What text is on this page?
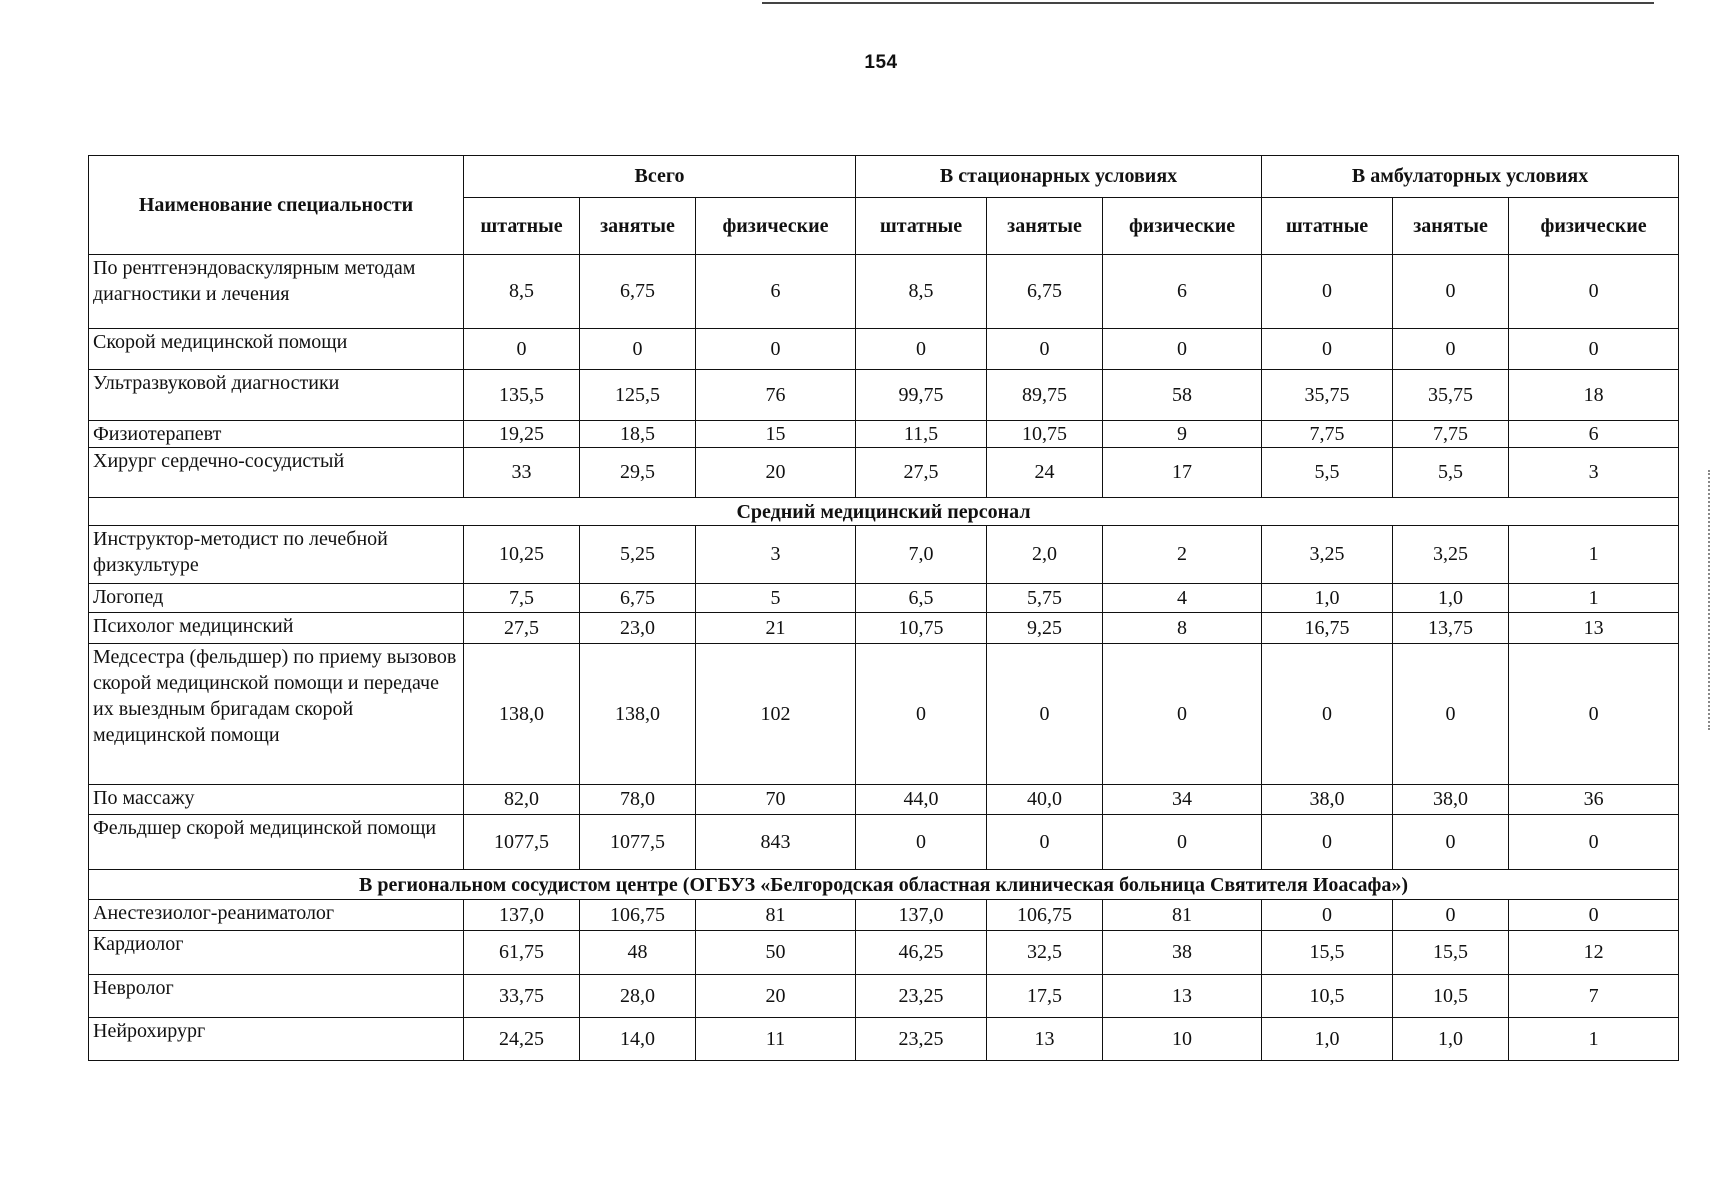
154
Наименование специальности	Всего			В стационарных условиях			В амбулаторных условиях		
	штатные	занятые	физические	штатные	занятые	физические	штатные	занятые	физические
По рентгенэндоваскулярным методам диагностики и лечения	8,5	6,75	6	8,5	6,75	6	0	0	0
Скорой медицинской помощи	0	0	0	0	0	0	0	0	0
Ультразвуковой диагностики	135,5	125,5	76	99,75	89,75	58	35,75	35,75	18
Физиотерапевт	19,25	18,5	15	11,5	10,75	9	7,75	7,75	6
Хирург сердечно-сосудистый	33	29,5	20	27,5	24	17	5,5	5,5	3
Средний медицинский персонал									
Инструктор-методист по лечебной физкультуре	10,25	5,25	3	7,0	2,0	2	3,25	3,25	1
Логопед	7,5	6,75	5	6,5	5,75	4	1,0	1,0	1
Психолог медицинский	27,5	23,0	21	10,75	9,25	8	16,75	13,75	13
Медсестра (фельдшер) по приему вызовов скорой медицинской помощи и передаче их выездным бригадам скорой медицинской помощи	138,0	138,0	102	0	0	0	0	0	0
По массажу	82,0	78,0	70	44,0	40,0	34	38,0	38,0	36
Фельдшер скорой медицинской помощи	1077,5	1077,5	843	0	0	0	0	0	0
В региональном сосудистом центре (ОГБУЗ «Белгородская областная клиническая больница Святителя Иоасафа»)									
Анестезиолог-реаниматолог	137,0	106,75	81	137,0	106,75	81	0	0	0
Кардиолог	61,75	48	50	46,25	32,5	38	15,5	15,5	12
Невролог	33,75	28,0	20	23,25	17,5	13	10,5	10,5	7
Нейрохирург	24,25	14,0	11	23,25	13	10	1,0	1,0	1
